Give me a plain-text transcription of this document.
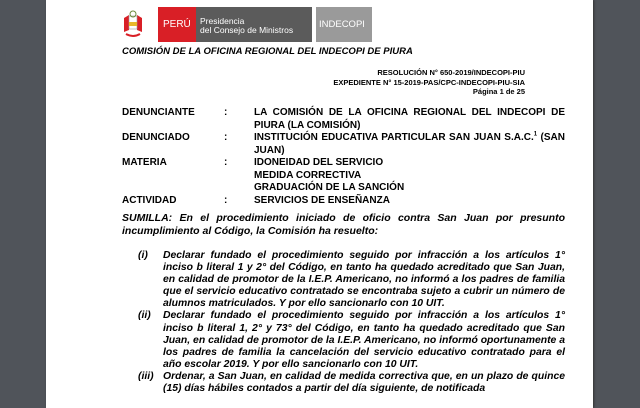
PERÚ Presidencia
del Consejo de Ministros	INDECOPI
COMISIÓN DE LA OFICINA REGIONAL DEL INDECOPI DE PIURA
RESOLUCIÓN N° 650-2019/INDECOPI-PIU
EXPEDIENTE N° 15-2019-PAS/CPC-INDECOPI-PIU-SIA
Página 1 de 25
DENUNCIANTE	:	LA COMISIÓN DE LA OFICINA REGIONAL DEL INDECOPI DE PIURA (LA COMISIÓN)
DENUNCIADO	:	INSTITUCIÓN EDUCATIVA PARTICULAR SAN JUAN S.A.C.$^1$ (SAN JUAN)
MATERIA	:	IDONEIDAD DEL SERVICIO
MEDIDA CORRECTIVA
GRADUACIÓN DE LA SANCIÓN
ACTIVIDAD	:	SERVICIOS DE ENSEÑANZA
SUMILLA: En el procedimiento iniciado de oficio contra San Juan por presunto incumplimiento al Código, la Comisión ha resuelto:
(i)	Declarar fundado el procedimiento seguido por infracción a los artículos 1° inciso b literal 1 y 2° del Código, en tanto ha quedado acreditado que San Juan, en calidad de promotor de la I.E.P. Americano, no informó a los padres de familia que el servicio educativo contratado se encontraba sujeto a cubrir un número de alumnos matriculados. Y por ello sancionarlo con 10 UIT.
(ii)	Declarar fundado el procedimiento seguido por infracción a los artículos 1° inciso b literal 1, 2° y 73° del Código, en tanto ha quedado acreditado que San Juan, en calidad de promotor de la I.E.P. Americano, no informó oportunamente a los padres de familia la cancelación del servicio educativo contratado para el año escolar 2019. Y por ello sancionarlo con 10 UIT.
(iii) Ordenar, a San Juan, en calidad de medida correctiva que, en un plazo de quince (15) días hábiles contados a partir del día siguiente, de notificada
